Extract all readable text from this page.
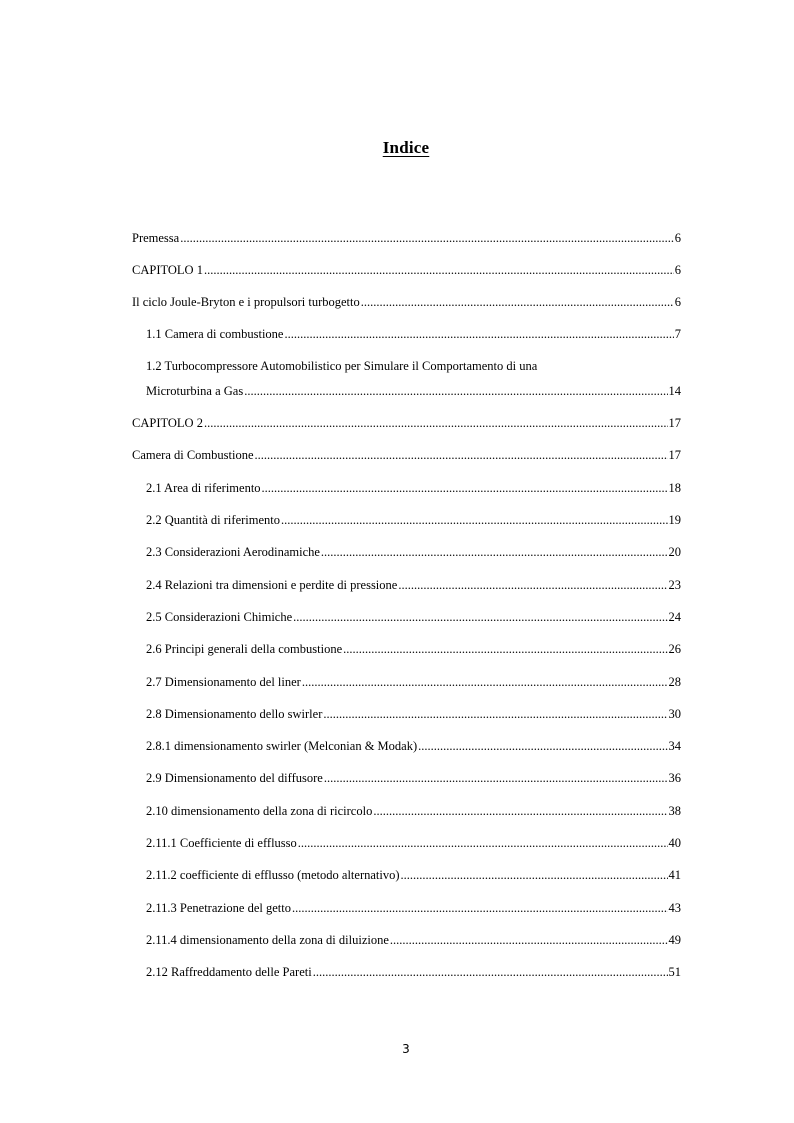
Indice
Premessa .....	6
CAPITOLO 1 .....	6
Il ciclo Joule-Bryton e i propulsori turbogetto .....	6
1.1 Camera di combustione .....	7
1.2 Turbocompressore Automobilistico per Simulare il Comportamento di una
Microturbina a Gas .....	14
CAPITOLO 2 .....	17
Camera di Combustione .....	17
2.1 Area di riferimento .....	18
2.2 Quantità di riferimento .....	19
2.3 Considerazioni Aerodinamiche .....	20
2.4 Relazioni tra dimensioni e perdite di pressione .....	23
2.5 Considerazioni Chimiche .....	24
2.6 Principi generali della combustione .....	26
2.7 Dimensionamento del liner .....	28
2.8 Dimensionamento dello swirler .....	30
2.8.1 dimensionamento swirler (Melconian & Modak) .....	34
2.9 Dimensionamento del diffusore .....	36
2.10 dimensionamento della zona di ricircolo .....	38
2.11.1 Coefficiente di efflusso .....	40
2.11.2 coefficiente di efflusso (metodo alternativo) .....	41
2.11.3 Penetrazione del getto .....	43
2.11.4 dimensionamento della zona di diluizione .....	49
2.12 Raffreddamento delle Pareti .....	51
3
